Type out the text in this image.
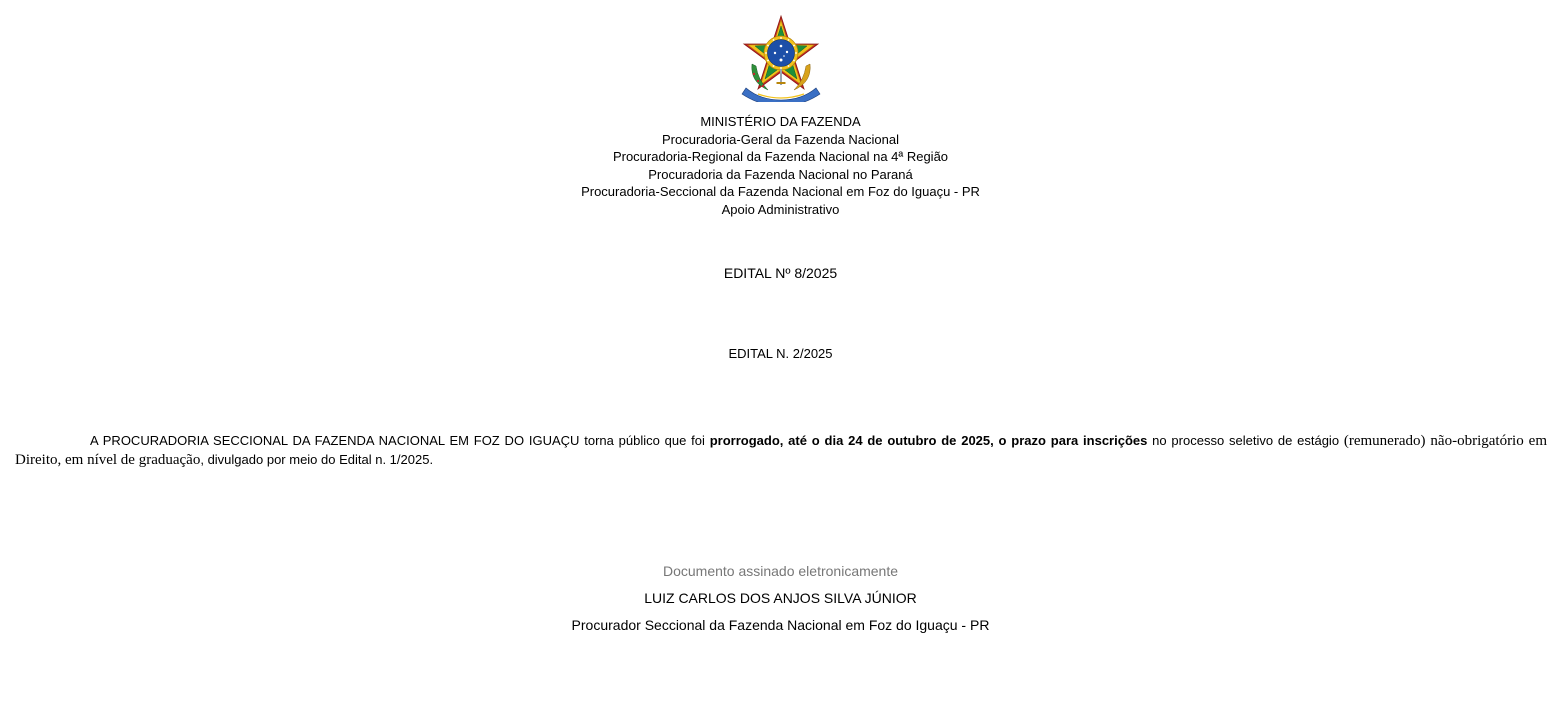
MINISTÉRIO DA FAZENDA
Procuradoria-Geral da Fazenda Nacional
Procuradoria-Regional da Fazenda Nacional na 4ª Região
Procuradoria da Fazenda Nacional no Paraná
Procuradoria-Seccional da Fazenda Nacional em Foz do Iguaçu - PR
Apoio Administrativo
EDITAL Nº 8/2025
EDITAL N. 2/2025

A PROCURADORIA SECCIONAL DA FAZENDA NACIONAL EM FOZ DO IGUAÇU torna público que foi prorrogado, até o dia 24 de outubro de 2025, o prazo para inscrições no processo seletivo de estágio (remunerado) não-obrigatório em Direito, em nível de graduação, divulgado por meio do Edital n. 1/2025.

Documento assinado eletronicamente
LUIZ CARLOS DOS ANJOS SILVA JÚNIOR
Procurador Seccional da Fazenda Nacional em Foz do Iguaçu - PR
